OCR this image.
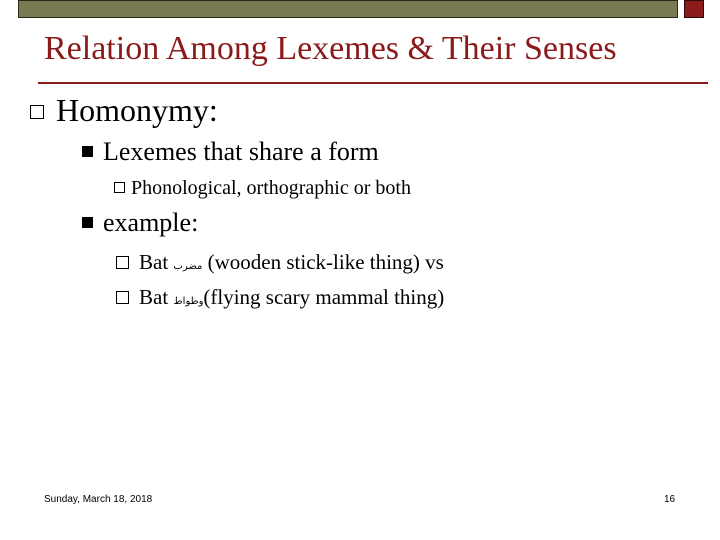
Relation Among Lexemes & Their Senses
Homonymy:
Lexemes that share a form
Phonological, orthographic or both
example:
Bat مضرب (wooden stick-like thing) vs
Bat وطواط(flying scary mammal thing)
Sunday, March 18, 2018	16
